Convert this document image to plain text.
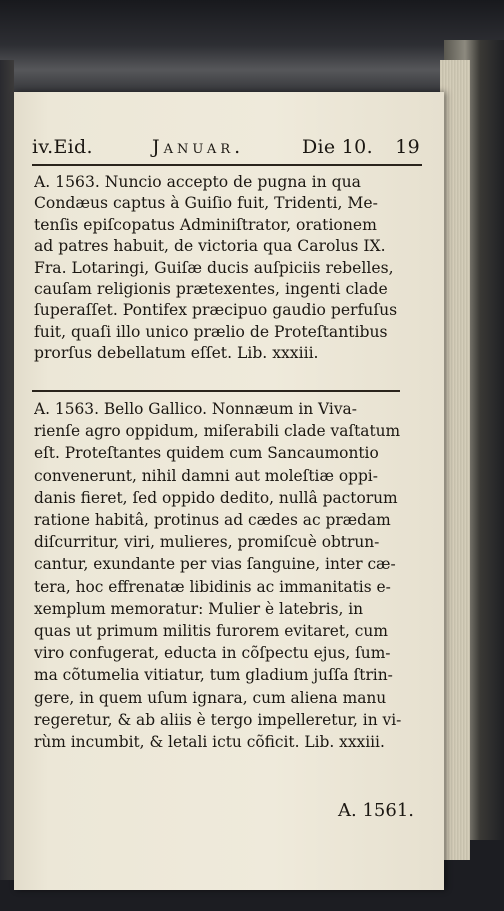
iv.Eid.	Januar.	Die 10.	19
A. 1563. Nuncio accepto de pugna in qua
Condæus captus à Guiſio fuit, Tridenti, Me-
tenſis epiſcopatus Adminiſtrator, orationem
ad patres habuit, de victoria qua Carolus IX.
Fra. Lotaringi, Guiſæ ducis auſpiciis rebelles,
cauſam religionis prætexentes, ingenti clade
ſuperaſſet. Pontifex præcipuo gaudio perfuſus
fuit, quaſi illo unico prælio de Proteſtantibus
prorſus debellatum eſſet. Lib. xxxiii.
A. 1563. Bello Gallico. Nonnæum in Viva-
rienſe agro oppidum, miſerabili clade vaſtatum
eſt. Proteſtantes quidem cum Sancaumontio
convenerunt, nihil damni aut moleſtiæ oppi-
danis fieret, ſed oppido dedito, nullâ pactorum
ratione habitâ, protinus ad cædes ac prædam
diſcurritur, viri, mulieres, promiſcuè obtrun-
cantur, exundante per vias ſanguine, inter cæ-
tera, hoc effrenatæ libidinis ac immanitatis e-
xemplum memoratur: Mulier è latebris, in
quas ut primum militis furorem evitaret, cum
viro confugerat, educta in cõſpectu ejus, ſum-
ma cõtumelia vitiatur, tum gladium juſſa ſtrin-
gere, in quem uſum ignara, cum aliena manu
regeretur, & ab aliis è tergo impelleretur, in vi-
rùm incumbit, & letali ictu cõficit. Lib. xxxiii.
A. 1561.
